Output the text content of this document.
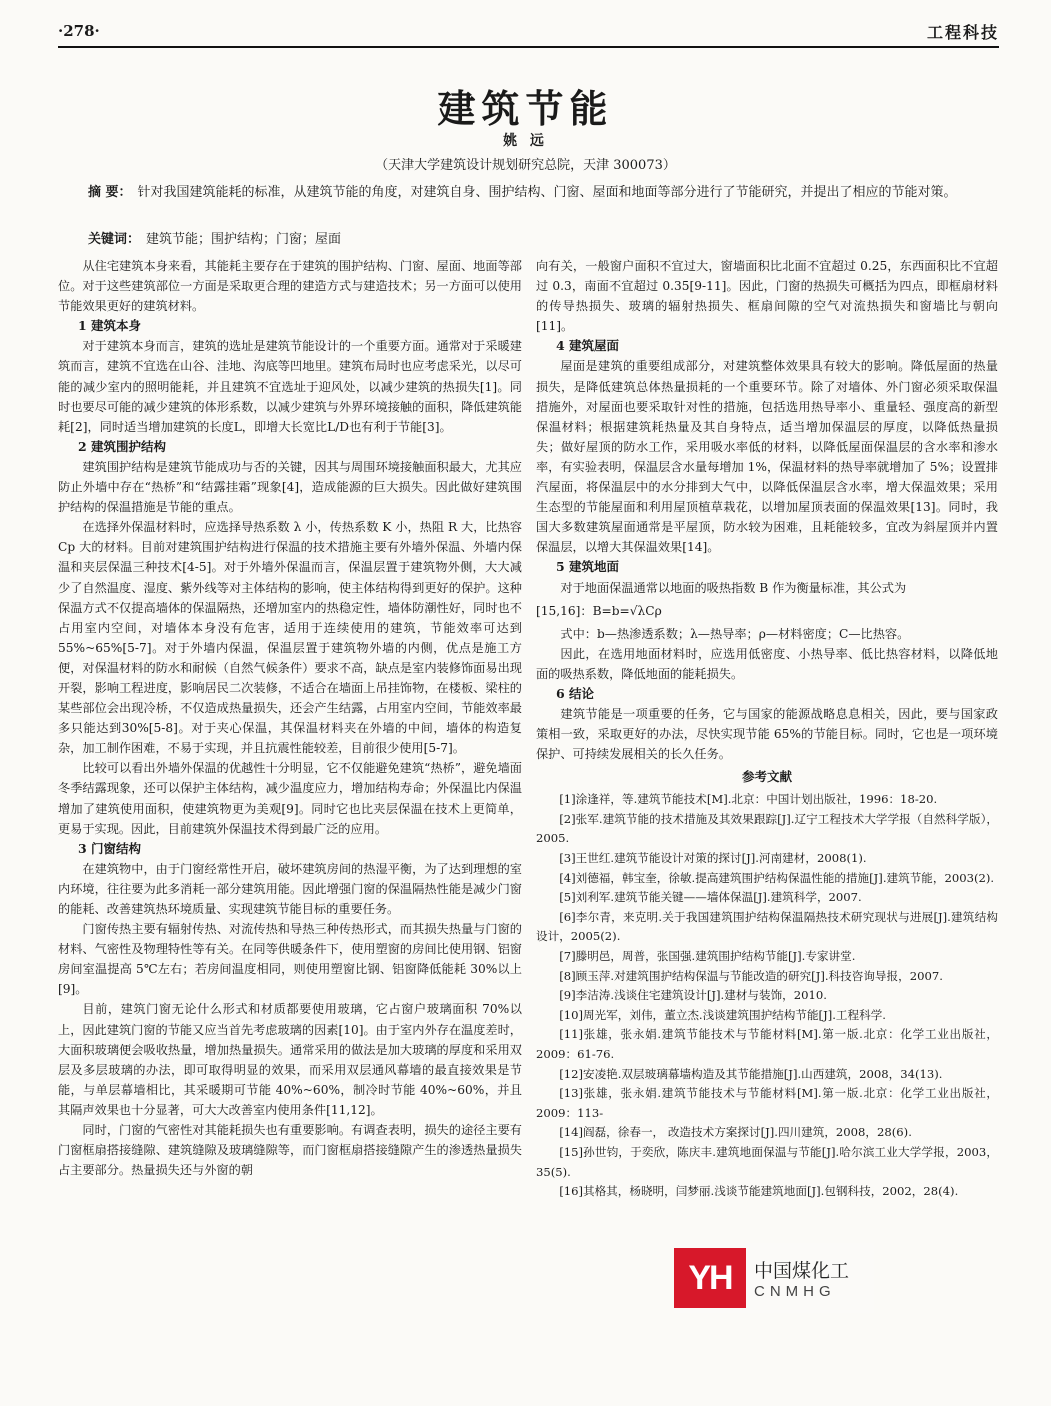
·278·	工程科技
建筑节能
姚 远
（天津大学建筑设计规划研究总院，天津 300073）
摘 要： 针对我国建筑能耗的标准，从建筑节能的角度，对建筑自身、围护结构、门窗、屋面和地面等部分进行了节能研究，并提出了相应的节能对策。
关键词： 建筑节能；围护结构；门窗；屋面

从住宅建筑本身来看，其能耗主要存在于建筑的围护结构、门窗、屋面、地面等部位。对于这些建筑部位一方面是采取更合理的建造方式与建造技术；另一方面可以使用节能效果更好的建筑材料。

1 建筑本身

对于建筑本身而言，建筑的选址是建筑节能设计的一个重要方面。通常对于采暖建筑而言，建筑不宜选在山谷、洼地、沟底等凹地里。建筑布局时也应考虑采光，以尽可能的减少室内的照明能耗，并且建筑不宜选址于迎风处，以减少建筑的热损失[1]。同时也要尽可能的减少建筑的体形系数，以减少建筑与外界环境接触的面积，降低建筑能耗[2]，同时适当增加建筑的长度L，即增大长宽比L/D也有利于节能[3]。

2 建筑围护结构

建筑围护结构是建筑节能成功与否的关键，因其与周围环境接触面积最大，尤其应防止外墙中存在“热桥”和“结露挂霜”现象[4]，造成能源的巨大损失。因此做好建筑围护结构的保温措施是节能的重点。

在选择外保温材料时，应选择导热系数 λ 小，传热系数 K 小，热阻 R 大，比热容 Cp 大的材料。目前对建筑围护结构进行保温的技术措施主要有外墙外保温、外墙内保温和夹层保温三种技术[4-5]。对于外墙外保温而言，保温层置于建筑物外侧，大大减少了自然温度、湿度、紫外线等对主体结构的影响，使主体结构得到更好的保护。这种保温方式不仅提高墙体的保温隔热，还增加室内的热稳定性，墙体防潮性好，同时也不占用室内空间，对墙体本身没有危害，适用于连续使用的建筑，节能效率可达到55%~65%[5-7]。对于外墙内保温，保温层置于建筑物外墙的内侧，优点是施工方便，对保温材料的防水和耐候（自然气候条件）要求不高，缺点是室内装修饰面易出现开裂，影响工程进度，影响居民二次装修，不适合在墙面上吊挂饰物，在楼板、梁柱的某些部位会出现冷桥，不仅造成热量损失，还会产生结露，占用室内空间，节能效率最多只能达到30%[5-8]。对于夹心保温，其保温材料夹在外墙的中间，墙体的构造复杂，加工制作困难，不易于实现，并且抗震性能较差，目前很少使用[5-7]。

比较可以看出外墙外保温的优越性十分明显，它不仅能避免建筑“热桥”，避免墙面冬季结露现象，还可以保护主体结构，减少温度应力，增加结构寿命；外保温比内保温增加了建筑使用面积，使建筑物更为美观[9]。同时它也比夹层保温在技术上更简单，更易于实现。因此，目前建筑外保温技术得到最广泛的应用。

3 门窗结构

在建筑物中，由于门窗经常性开启，破坏建筑房间的热湿平衡，为了达到理想的室内环境，往往要为此多消耗一部分建筑用能。因此增强门窗的保温隔热性能是减少门窗的能耗、改善建筑热环境质量、实现建筑节能目标的重要任务。

门窗传热主要有辐射传热、对流传热和导热三种传热形式，而其损失热量与门窗的材料、气密性及物理特性等有关。在同等供暖条件下，使用塑窗的房间比使用钢、铝窗房间室温提高 5℃左右；若房间温度相同，则使用塑窗比钢、铝窗降低能耗 30%以上[9]。

目前，建筑门窗无论什么形式和材质都要使用玻璃，它占窗户玻璃面积 70%以上，因此建筑门窗的节能又应当首先考虑玻璃的因素[10]。由于室内外存在温度差时，大面积玻璃便会吸收热量，增加热量损失。通常采用的做法是加大玻璃的厚度和采用双层及多层玻璃的办法，即可取得明显的效果，而采用双层通风幕墙的最直接效果是节能，与单层幕墙相比，其采暖期可节能 40%~60%，制冷时节能 40%~60%，并且其隔声效果也十分显著，可大大改善室内使用条件[11,12]。

同时，门窗的气密性对其能耗损失也有重要影响。有调查表明，损失的途径主要有门窗框扇搭接缝隙、建筑缝隙及玻璃缝隙等，而门窗框扇搭接缝隙产生的渗透热量损失占主要部分。热量损失还与外窗的朝

向有关，一般窗户面积不宜过大，窗墙面积比北面不宜超过 0.25，东西面积比不宜超过 0.3，南面不宜超过 0.35[9-11]。因此，门窗的热损失可概括为四点，即框扇材料的传导热损失、玻璃的辐射热损失、框扇间隙的空气对流热损失和窗墙比与朝向[11]。

4 建筑屋面

屋面是建筑的重要组成部分，对建筑整体效果具有较大的影响。降低屋面的热量损失，是降低建筑总体热量损耗的一个重要环节。除了对墙体、外门窗必须采取保温措施外，对屋面也要采取针对性的措施，包括选用热导率小、重量轻、强度高的新型保温材料；根据建筑耗热量及其自身特点，适当增加保温层的厚度，以降低热量损失；做好屋顶的防水工作，采用吸水率低的材料，以降低屋面保温层的含水率和渗水率，有实验表明，保温层含水量每增加 1%，保温材料的热导率就增加了 5%；设置排汽屋面，将保温层中的水分排到大气中，以降低保温层含水率，增大保温效果；采用生态型的节能屋面和利用屋顶植草栽花，以增加屋顶表面的保温效果[13]。同时，我国大多数建筑屋面通常是平屋顶，防水较为困难，且耗能较多，宜改为斜屋顶并内置保温层，以增大其保温效果[14]。

5 建筑地面

对于地面保温通常以地面的吸热指数 B 作为衡量标准，其公式为

[15,16]：B=b=√λCρ

式中：b—热渗透系数；λ—热导率；ρ—材料密度；C—比热容。

因此，在选用地面材料时，应选用低密度、小热导率、低比热容材料，以降低地面的吸热系数，降低地面的能耗损失。

6 结论

建筑节能是一项重要的任务，它与国家的能源战略息息相关，因此，要与国家政策相一致，采取更好的办法，尽快实现节能 65%的节能目标。同时，它也是一项环境保护、可持续发展相关的长久任务。

参考文献

[1]涂逢祥，等.建筑节能技术[M].北京：中国计划出版社，1996：18-20.

[2]张军.建筑节能的技术措施及其效果跟踪[J].辽宁工程技术大学学报（自然科学版），2005.

[3]王世红.建筑节能设计对策的探讨[J].河南建材，2008(1).

[4]刘德福，韩宝奎，徐敏.提高建筑围护结构保温性能的措施[J].建筑节能，2003(2).

[5]刘利军.建筑节能关键——墙体保温[J].建筑科学，2007.

[6]李尔青，来克明.关于我国建筑围护结构保温隔热技术研究现状与进展[J].建筑结构设计，2005(2).

[7]滕明邑，周普，张国强.建筑围护结构节能[J].专家讲堂.

[8]顾玉萍.对建筑围护结构保温与节能改造的研究[J].科技咨询导报，2007.

[9]李洁涛.浅谈住宅建筑设计[J].建材与装饰，2010.

[10]周光军，刘伟，董立杰.浅谈建筑围护结构节能[J].工程科学.

[11]张雄，张永娟.建筑节能技术与节能材料[M].第一版.北京：化学工业出版社，2009：61-76.

[12]安凌艳.双层玻璃幕墙构造及其节能措施[J].山西建筑，2008，34(13).

[13]张雄，张永娟.建筑节能技术与节能材料[M].第一版.北京：化学工业出版社，2009：113-

[14]阎磊，徐春一， 改造技术方案探讨[J].四川建筑，2008，28(6).

[15]孙世钧，于奕欣，陈庆丰.建筑地面保温与节能[J].哈尔滨工业大学学报，2003，35(5).

[16]其格其，杨晓明，闫梦丽.浅谈节能建筑地面[J].包钢科技，2002，28(4).

YH	中国煤化工
CNMHG
